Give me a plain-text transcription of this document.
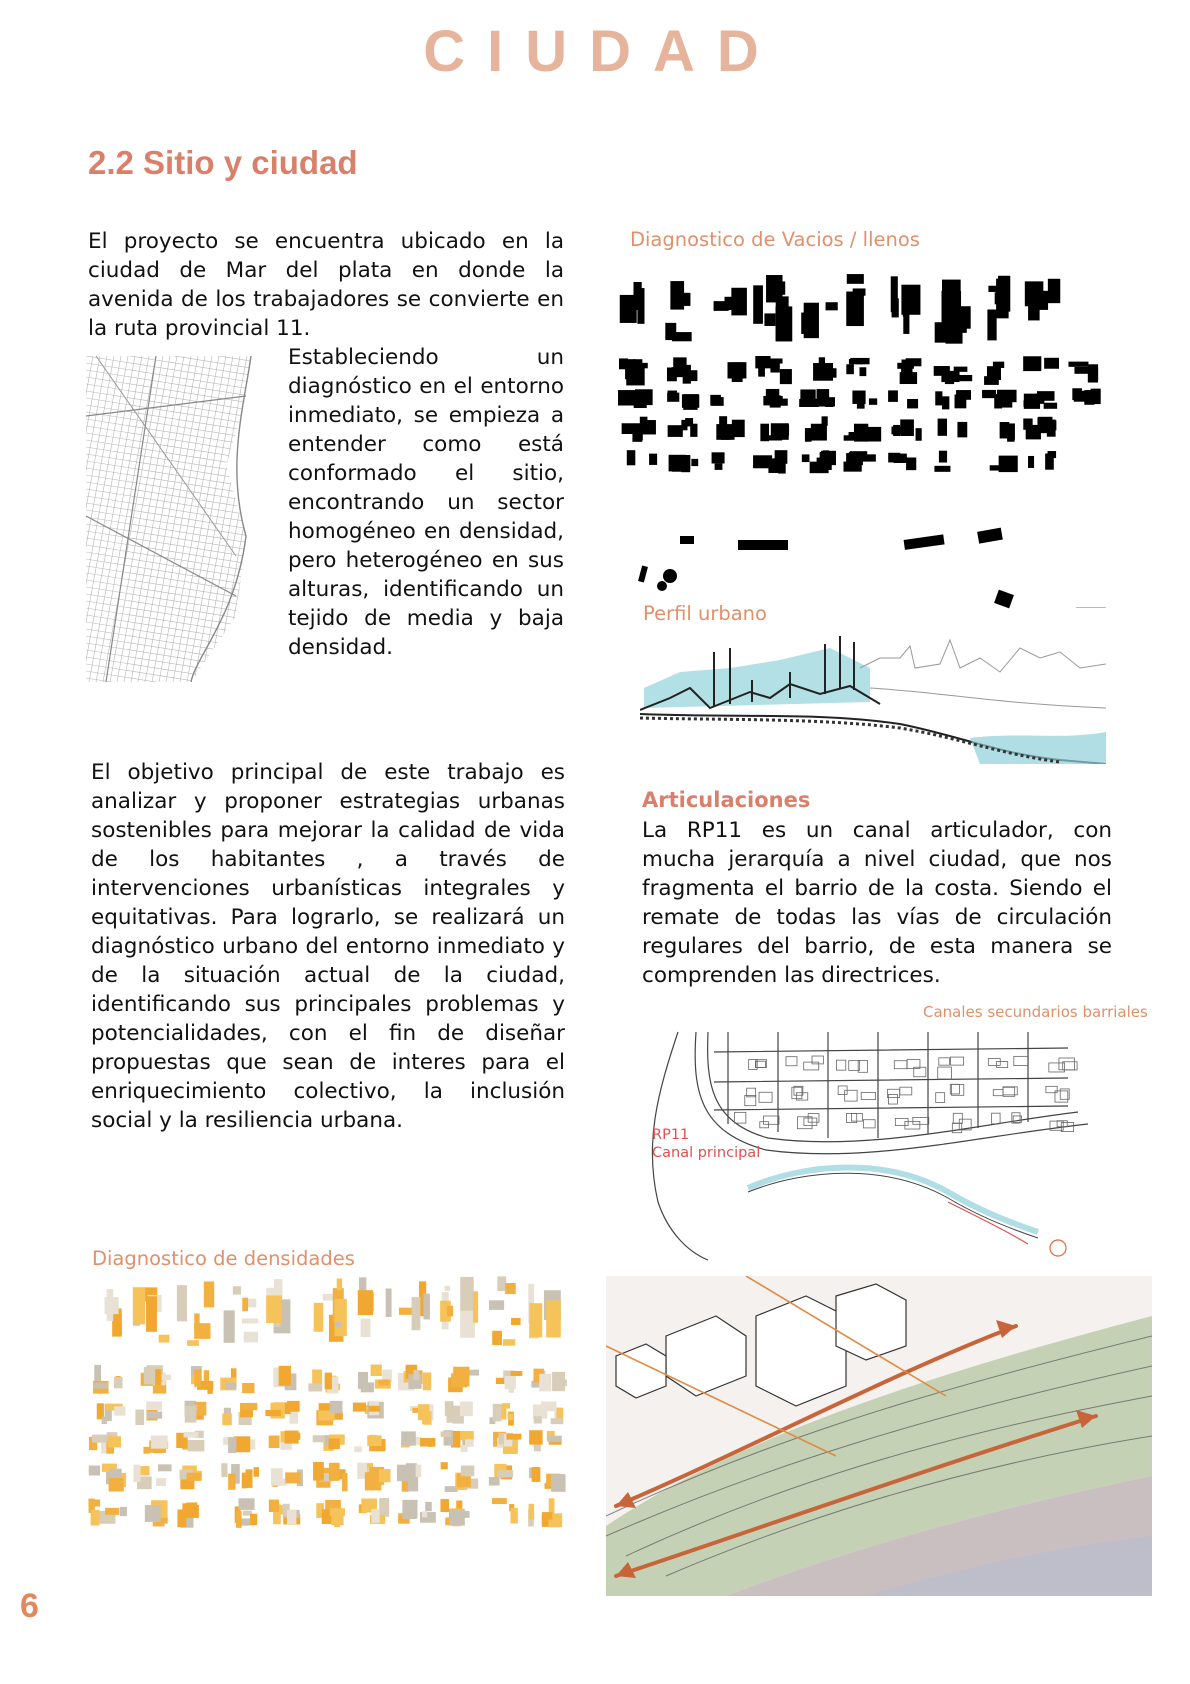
CIUDAD
2.2 Sitio y ciudad
El proyecto se encuentra ubicado en la ciudad de Mar del plata en donde la avenida de los trabajadores se convierte en la ruta provincial 11.
Estableciendo un diagnóstico en el entorno inmediato, se empieza a entender como está conformado el sitio, encontrando un sector homogéneo en densidad, pero heterogéneo en sus alturas, identificando un tejido de media y baja densidad.
El objetivo principal de este trabajo es analizar y proponer estrategias urbanas sostenibles para mejorar la calidad de vida de los habitantes , a través de intervenciones urbanísticas integrales y equitativas. Para lograrlo, se realizará un diagnóstico urbano del entorno inmediato y de la situación actual de la ciudad, identificando sus principales problemas y potencialidades, con el fin de diseñar propuestas que sean de interes para el enriquecimiento colectivo, la inclusión social y la resiliencia urbana.
Diagnostico de Vacios / llenos
Perfil urbano
Articulaciones
La RP11 es un canal articulador, con mucha jerarquía a nivel ciudad, que nos fragmenta el barrio de la costa. Siendo el remate de todas las vías de circulación regulares del barrio, de esta manera se comprenden las directrices.
Canales secundarios barriales
RP11
Canal principal
Diagnostico de densidades
6
